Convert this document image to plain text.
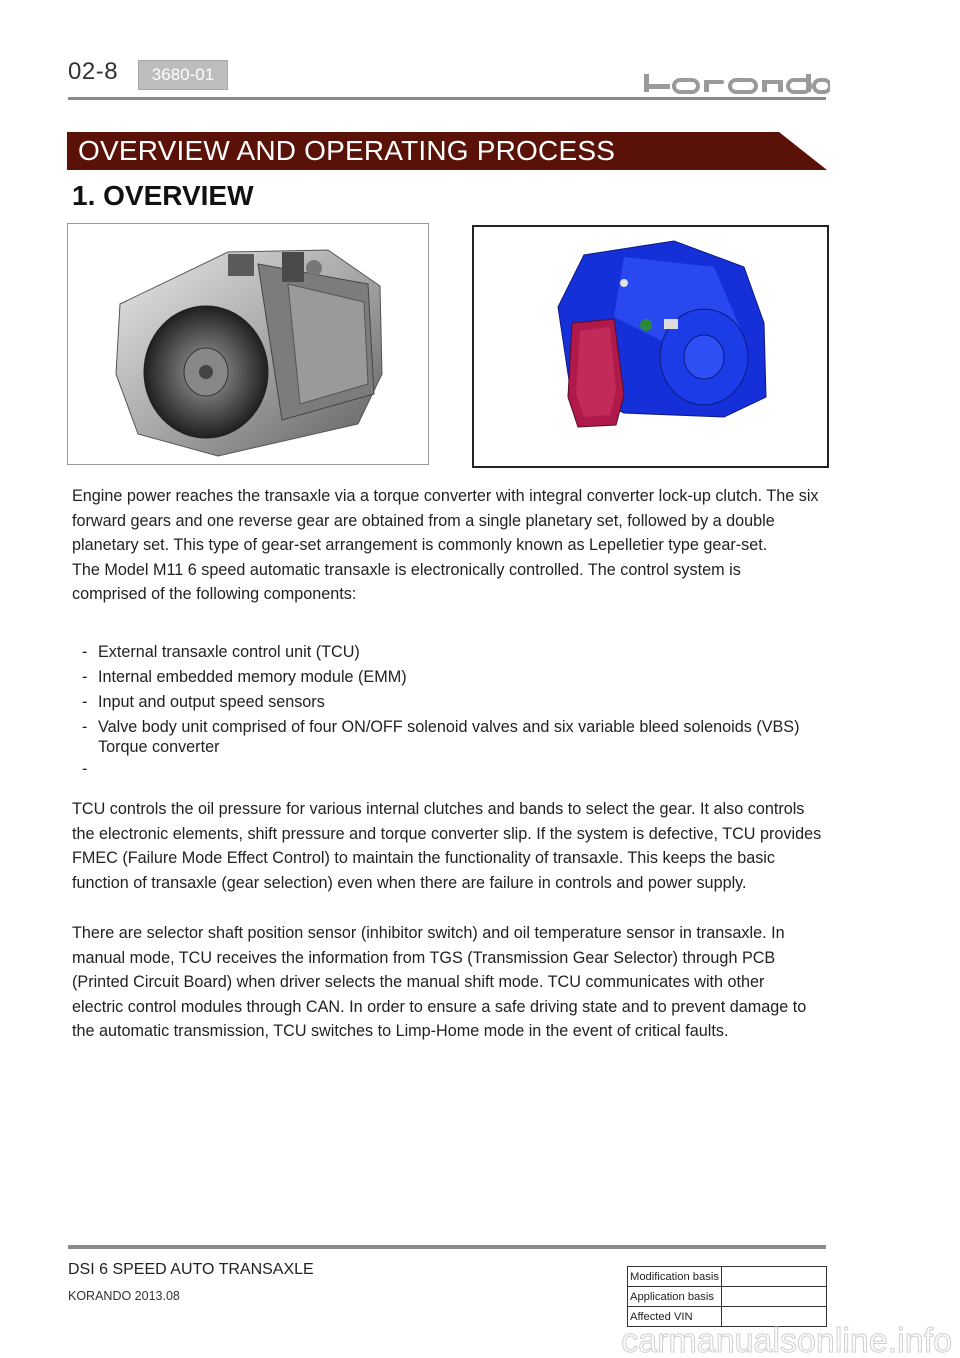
02-8	3680-01	korando
OVERVIEW AND OPERATING PROCESS
1. OVERVIEW
Engine power reaches the transaxle via a torque converter with integral converter lock-up clutch. The six
forward gears and one reverse gear are obtained from a single planetary set, followed by a double
planetary set. This type of gear-set arrangement is commonly known as Lepelletier type gear-set.
The Model M11 6 speed automatic transaxle is electronically controlled. The control system is
comprised of the following components:
- External transaxle control unit (TCU)
- Internal embedded memory module (EMM)
- Input and output speed sensors
- Valve body unit comprised of four ON/OFF solenoid valves and six variable bleed solenoids (VBS)
Torque converter
-
TCU controls the oil pressure for various internal clutches and bands to select the gear. It also controls
the electronic elements, shift pressure and torque converter slip. If the system is defective, TCU provides
FMEC (Failure Mode Effect Control) to maintain the functionality of transaxle. This keeps the basic
function of transaxle (gear selection) even when there are failure in controls and power supply.
There are selector shaft position sensor (inhibitor switch) and oil temperature sensor in transaxle. In
manual mode, TCU receives the information from TGS (Transmission Gear Selector) through PCB
(Printed Circuit Board) when driver selects the manual shift mode. TCU communicates with other
electric control modules through CAN. In order to ensure a safe driving state and to prevent damage to
the automatic transmission, TCU switches to Limp-Home mode in the event of critical faults.
DSI 6 SPEED AUTO TRANSAXLE
KORANDO 2013.08
Modification basis	
Application basis	
Affected VIN	
carmanualsonline.info
